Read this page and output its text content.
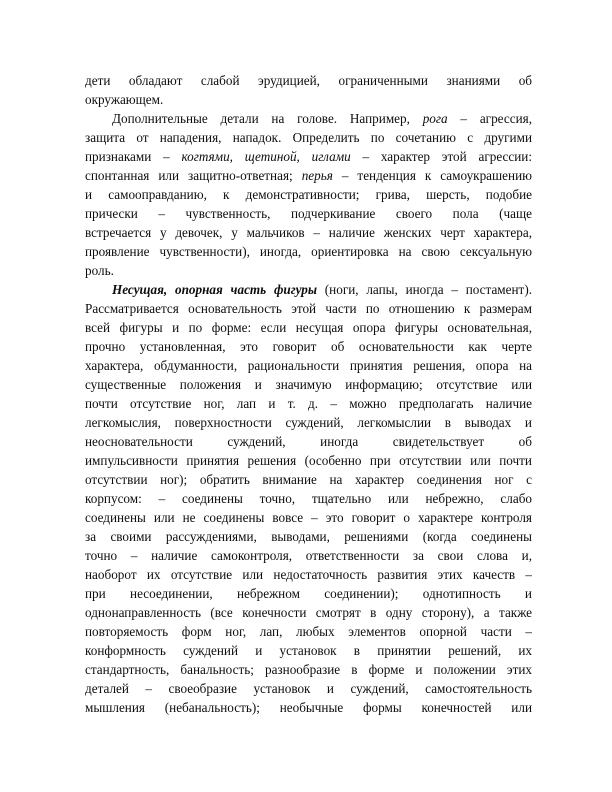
дети обладают слабой эрудицией, ограниченными знаниями об
окружающем.
Дополнительные детали на голове. Например, рога – агрессия,
защита от нападения, нападок. Определить по сочетанию с другими
признаками – когтями, щетиной, иглами – характер этой агрессии:
спонтанная или защитно-ответная; перья – тенденция к самоукрашению
и самооправданию, к демонстративности; грива, шерсть, подобие
прически – чувственность, подчеркивание своего пола (чаще
встречается у девочек, у мальчиков – наличие женских черт характера,
проявление чувственности), иногда, ориентировка на свою сексуальную
роль.
Несущая, опорная часть фигуры (ноги, лапы, иногда – постамент).
Рассматривается основательность этой части по отношению к размерам
всей фигуры и по форме: если несущая опора фигуры основательная,
прочно установленная, это говорит об основательности как черте
характера, обдуманности, рациональности принятия решения, опора на
существенные положения и значимую информацию; отсутствие или
почти отсутствие ног, лап и т. д. – можно предполагать наличие
легкомыслия, поверхностности суждений, легкомыслии в выводах и
неосновательности суждений, иногда свидетельствует об
импульсивности принятия решения (особенно при отсутствии или почти
отсутствии ног); обратить внимание на характер соединения ног с
корпусом: – соединены точно, тщательно или небрежно, слабо
соединены или не соединены вовсе – это говорит о характере контроля
за своими рассуждениями, выводами, решениями (когда соединены
точно – наличие самоконтроля, ответственности за свои слова и,
наоборот их отсутствие или недостаточность развития этих качеств –
при несоединении, небрежном соединении); однотипность и
однонаправленность (все конечности смотрят в одну сторону), а также
повторяемость форм ног, лап, любых элементов опорной части –
конформность суждений и установок в принятии решений, их
стандартность, банальность; разнообразие в форме и положении этих
деталей – своеобразие установок и суждений, самостоятельность
мышления (небанальность); необычные формы конечностей или
